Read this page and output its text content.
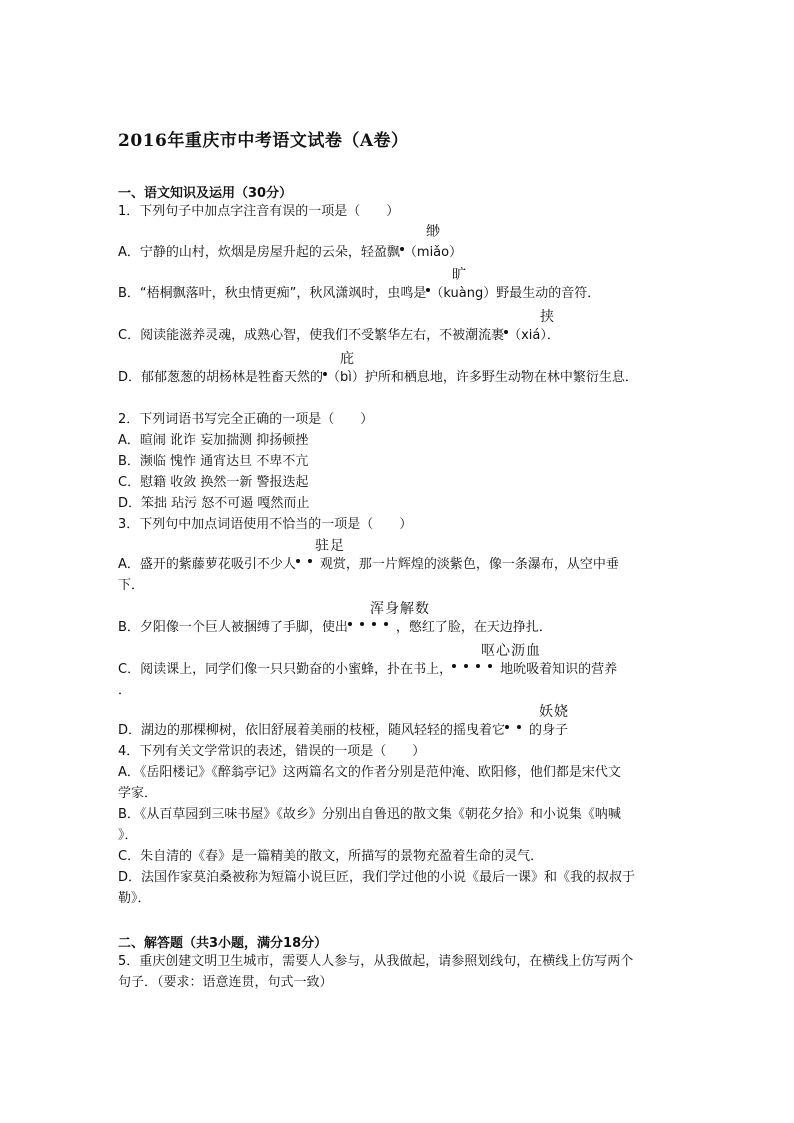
2016年重庆市中考语文试卷（A卷）
一、语文知识及运用（30分）
1．下列句子中加点字注音有误的一项是（　　）
缈
A．宁静的山村，炊烟是房屋升起的云朵，轻盈飘 （miǎo）
旷
B．“梧桐飘落叶，秋虫情更痴”，秋风潇飒时，虫鸣是 （kuàng）野最生动的音符．
挟
C．阅读能滋养灵魂，成熟心智，使我们不受繁华左右，不被潮流裹 （xiá）．
庇
D．郁郁葱葱的胡杨林是牲畜天然的 （bì）护所和栖息地，许多野生动物在林中繁衍生息．
2．下列词语书写完全正确的一项是（　　）
A．暄闹 讹诈 妄加揣测 抑扬顿挫
B．濒临 愧怍 通宵达旦 不卑不亢
C．慰籍 收敛 换然一新 警报迭起
D．笨拙 玷污 怒不可遏 嘎然而止
3．下列句中加点词语使用不恰当的一项是（　　）
驻足
A．盛开的紫藤萝花吸引不少人 观赏，那一片辉煌的淡紫色，像一条瀑布，从空中垂
下．
浑身解数
B．夕阳像一个巨人被捆缚了手脚，使出	，憋红了脸，在天边挣扎．
呕心沥血
C．阅读课上，同学们像一只只勤奋的小蜜蜂，扑在书上，	地吮吸着知识的营养
．
妖娆
D．湖边的那棵柳树，依旧舒展着美丽的枝桠，随风轻轻的摇曳着它 的身子
4．下列有关文学常识的表述，错误的一项是（　　）
A．《岳阳楼记》《醉翁亭记》这两篇名文的作者分别是范仲淹、欧阳修，他们都是宋代文
学家．
B．《从百草园到三味书屋》《故乡》分别出自鲁迅的散文集《朝花夕拾》和小说集《呐喊
》．
C．朱自清的《春》是一篇精美的散文，所描写的景物充盈着生命的灵气．
D．法国作家莫泊桑被称为短篇小说巨匠，我们学过他的小说《最后一课》和《我的叔叔于
勒》．
二、解答题（共3小题，满分18分）
5．重庆创建文明卫生城市，需要人人参与，从我做起，请参照划线句，在横线上仿写两个
句子．（要求：语意连贯，句式一致）
